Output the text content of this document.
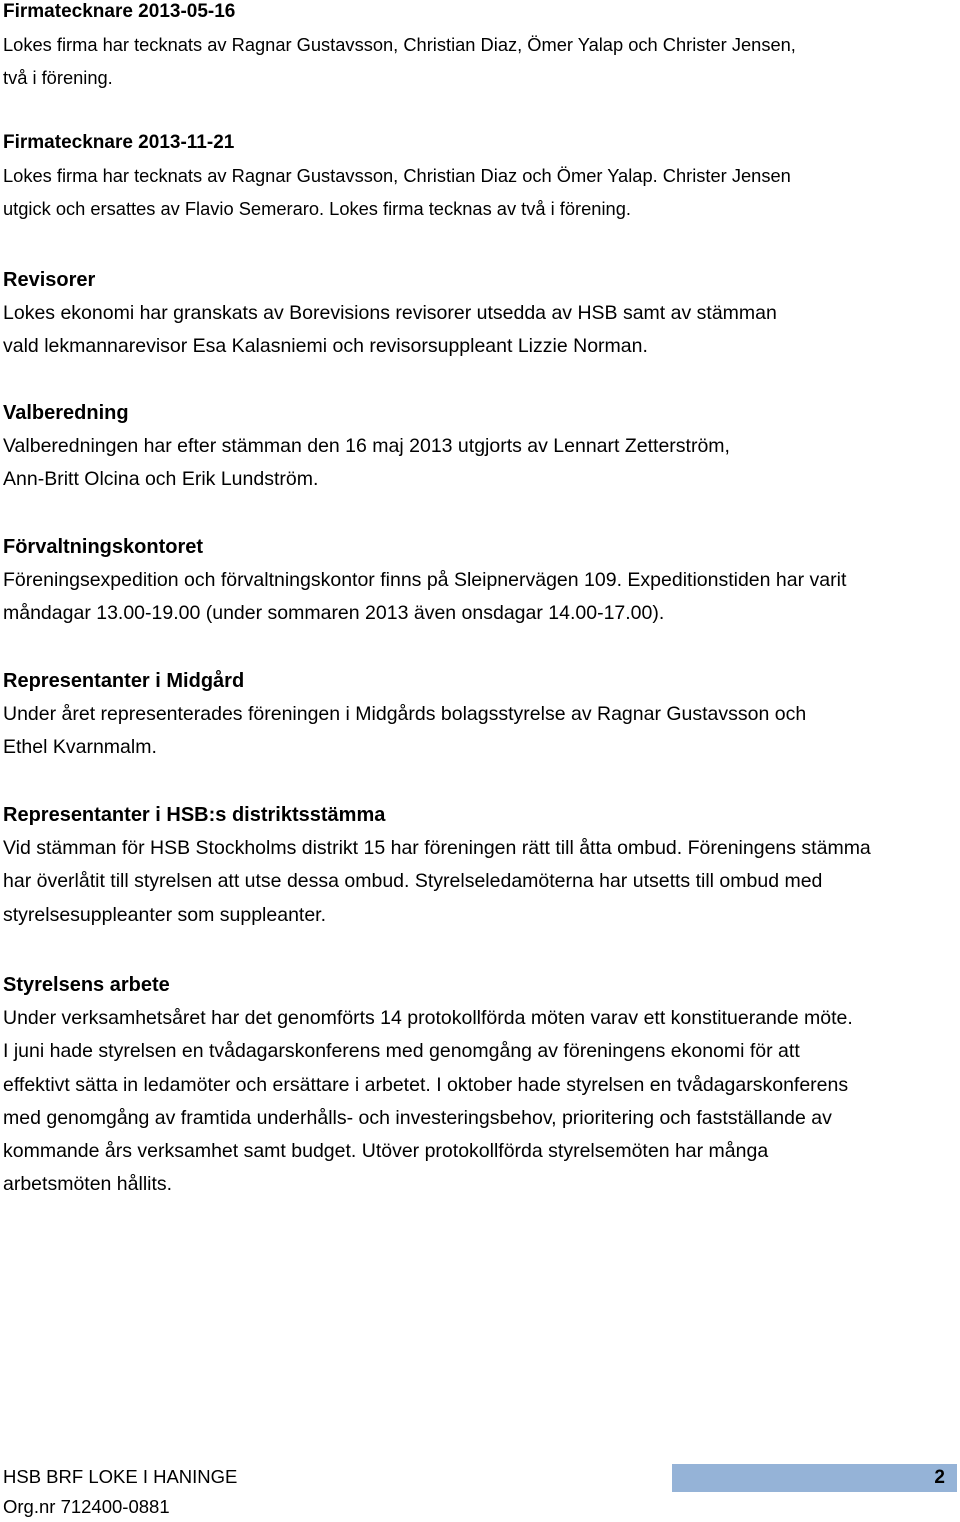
Firmatecknare 2013-05-16
Lokes firma har tecknats av Ragnar Gustavsson, Christian Diaz, Ömer Yalap och Christer Jensen,
två i förening.
Firmatecknare 2013-11-21
Lokes firma har tecknats av Ragnar Gustavsson, Christian Diaz och Ömer Yalap. Christer Jensen
utgick och ersattes av Flavio Semeraro. Lokes firma tecknas av två i förening.
Revisorer
Lokes ekonomi har granskats av Borevisions revisorer utsedda av HSB samt av stämman
vald lekmannarevisor Esa Kalasniemi och revisorsuppleant Lizzie Norman.
Valberedning
Valberedningen har efter stämman den 16 maj 2013 utgjorts av Lennart Zetterström,
Ann-Britt Olcina och Erik Lundström.
Förvaltningskontoret
Föreningsexpedition och förvaltningskontor finns på Sleipnervägen 109. Expeditionstiden har varit
måndagar 13.00-19.00 (under sommaren 2013 även onsdagar 14.00-17.00).
Representanter i Midgård
Under året representerades föreningen i Midgårds bolagsstyrelse av Ragnar Gustavsson och
Ethel Kvarnmalm.
Representanter i HSB:s distriktsstämma
Vid stämman för HSB Stockholms distrikt 15 har föreningen rätt till åtta ombud. Föreningens stämma
har överlåtit till styrelsen att utse dessa ombud. Styrelseledamöterna har utsetts till ombud med
styrelsesuppleanter som suppleanter.
Styrelsens arbete
Under verksamhetsåret har det genomförts 14 protokollförda möten varav ett konstituerande möte.
I juni hade styrelsen en tvådagarskonferens med genomgång av föreningens ekonomi för att
effektivt sätta in ledamöter och ersättare i arbetet. I oktober hade styrelsen en tvådagarskonferens
med genomgång av framtida underhålls- och investeringsbehov, prioritering och fastställande av
kommande års verksamhet samt budget. Utöver protokollförda styrelsemöten har många
arbetsmöten hållits.
HSB BRF LOKE I HANINGE
Org.nr 712400-0881
2
